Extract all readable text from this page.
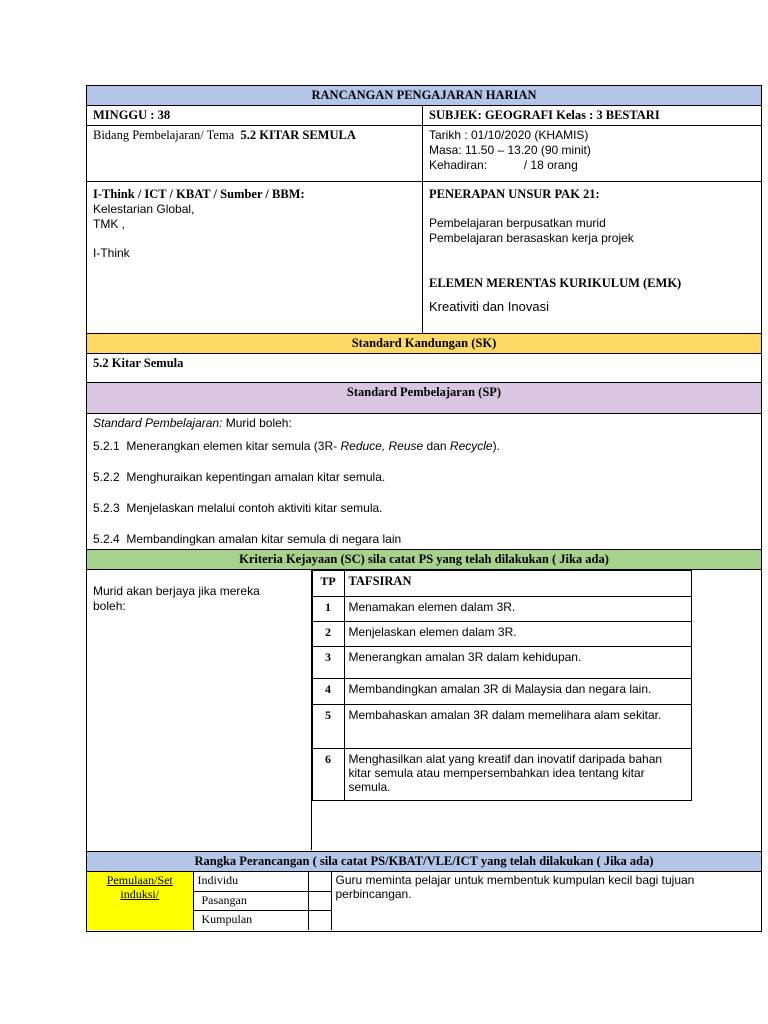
RANCANGAN PENGAJARAN HARIAN
MINGGU : 38	SUBJEK: GEOGRAFI Kelas : 3 BESTARI
Bidang Pembelajaran/ Tema 5.2 KITAR SEMULA	Tarikh : 01/10/2020 (KHAMIS)
Masa: 11.50 – 13.20 (90 minit)
Kehadiran:	/ 18 orang

I-Think / ICT / KBAT / Sumber / BBM:
Kelestarian Global,
TMK ,
I-Think

PENERAPAN UNSUR PAK 21:
Pembelajaran berpusatkan murid
Pembelajaran berasaskan kerja projek
ELEMEN MERENTAS KURIKULUM (EMK)
Kreativiti dan Inovasi

Standard Kandungan (SK)
5.2 Kitar Semula
Standard Pembelajaran (SP)

Standard Pembelajaran: Murid boleh:

5.2.1 Menerangkan elemen kitar semula (3R- Reduce, Reuse dan Recycle).

5.2.2 Menghuraikan kepentingan amalan kitar semula.

5.2.3 Menjelaskan melalui contoh aktiviti kitar semula.

5.2.4 Membandingkan amalan kitar semula di negara lain

Kriteria Kejayaan (SC) sila catat PS yang telah dilakukan ( Jika ada)

Murid akan berjaya jika mereka boleh:

TP	TAFSIRAN
1	Menamakan elemen dalam 3R.
2	Menjelaskan elemen dalam 3R.
3	Menerangkan amalan 3R dalam kehidupan.
4	Membandingkan amalan 3R di Malaysia dan negara lain.
5	Membahaskan amalan 3R dalam memelihara alam sekitar.
6	Menghasilkan alat yang kreatif dan inovatif daripada bahan kitar semula atau mempersembahkan idea tentang kitar semula.

Rangka Perancangan ( sila catat PS/KBAT/VLE/ICT yang telah dilakukan ( Jika ada)

Pemulaan/Set induksi/	Individu		Guru meminta pelajar untuk membentuk kumpulan kecil bagi tujuan perbincangan.
Pasangan	
Kumpulan	
